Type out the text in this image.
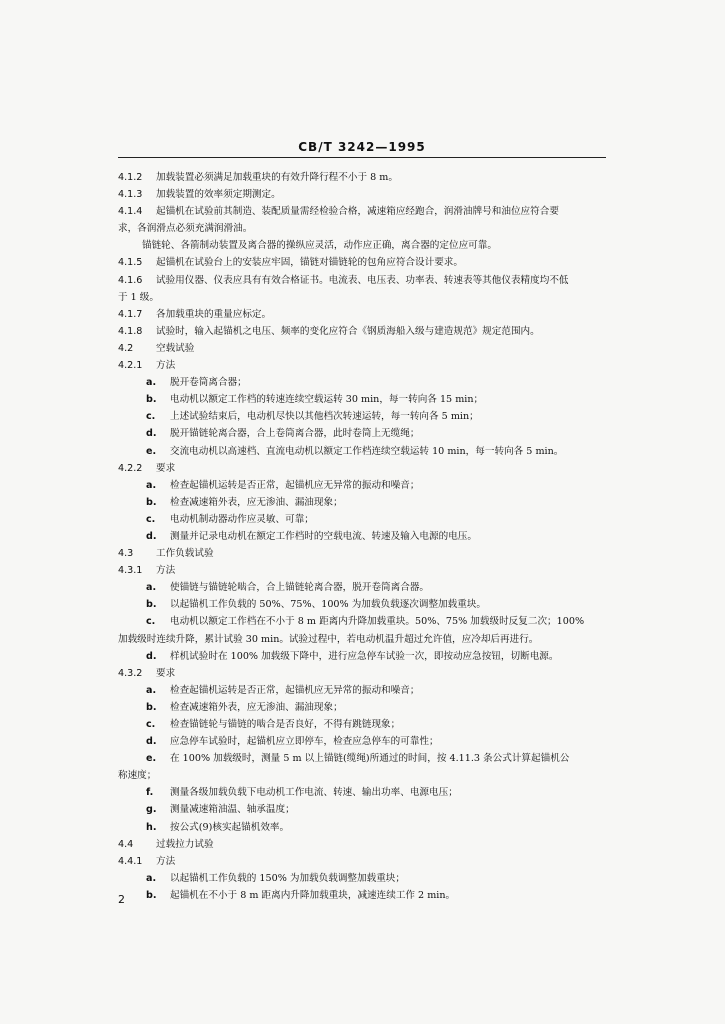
CB/T 3242—1995
4.1.2 加载装置必须满足加载重块的有效升降行程不小于 8 m。
4.1.3 加载装置的效率须定期测定。
4.1.4 起锚机在试验前其制造、装配质量需经检验合格，减速箱应经跑合，润滑油牌号和油位应符合要
求，各润滑点必须充满润滑油。
锚链轮、各箭制动装置及离合器的操纵应灵活，动作应正确，离合器的定位应可靠。
4.1.5 起锚机在试验台上的安装应牢固，锚链对锚链轮的包角应符合设计要求。
4.1.6 试验用仪器、仪表应具有有效合格证书。电流表、电压表、功率表、转速表等其他仪表精度均不低
于 1 级。
4.1.7 各加载重块的重量应标定。
4.1.8 试验时，输入起锚机之电压、频率的变化应符合《钢质海船入级与建造规范》规定范围内。
4.2 空载试验
4.2.1 方法
a. 脱开卷筒离合器；
b. 电动机以额定工作档的转速连续空载运转 30 min，每一转向各 15 min；
c. 上述试验结束后，电动机尽快以其他档次转速运转，每一转向各 5 min；
d. 脱开锚链轮离合器，合上卷筒离合器，此时卷筒上无缆绳；
e. 交流电动机以高速档、直流电动机以额定工作档连续空载运转 10 min，每一转向各 5 min。
4.2.2 要求
a. 检查起锚机运转是否正常，起锚机应无异常的振动和噪音；
b. 检查减速箱外表，应无渗油、漏油现象；
c. 电动机制动器动作应灵敏、可靠；
d. 测量并记录电动机在额定工作档时的空载电流、转速及输入电源的电压。
4.3 工作负载试验
4.3.1 方法
a. 使锚链与锚链轮啮合，合上锚链轮离合器，脱开卷筒离合器。
b. 以起锚机工作负载的 50%、75%、100% 为加载负载逐次调整加载重块。
c. 电动机以额定工作档在不小于 8 m 距离内升降加载重块。50%、75% 加载级时反复二次；100%
加载级时连续升降，累计试验 30 min。试验过程中，若电动机温升超过允许值，应冷却后再进行。
d. 样机试验时在 100% 加载级下降中，进行应急停车试验一次，即按动应急按钮，切断电源。
4.3.2 要求
a. 检查起锚机运转是否正常，起锚机应无异常的振动和噪音；
b. 检查减速箱外表，应无渗油、漏油现象；
c. 检查锚链轮与锚链的啮合是否良好，不得有跳链现象；
d. 应急停车试验时，起锚机应立即停车，检查应急停车的可靠性；
e. 在 100% 加载级时，测量 5 m 以上锚链(缆绳)所通过的时间，按 4.11.3 条公式计算起锚机公
称速度；
f. 测量各级加载负载下电动机工作电流、转速、输出功率、电源电压；
g. 测量减速箱油温、轴承温度；
h. 按公式(9)核实起锚机效率。
4.4 过载拉力试验
4.4.1 方法
a. 以起锚机工作负载的 150% 为加载负载调整加载重块；
b. 起锚机在不小于 8 m 距离内升降加载重块，减速连续工作 2 min。
2
